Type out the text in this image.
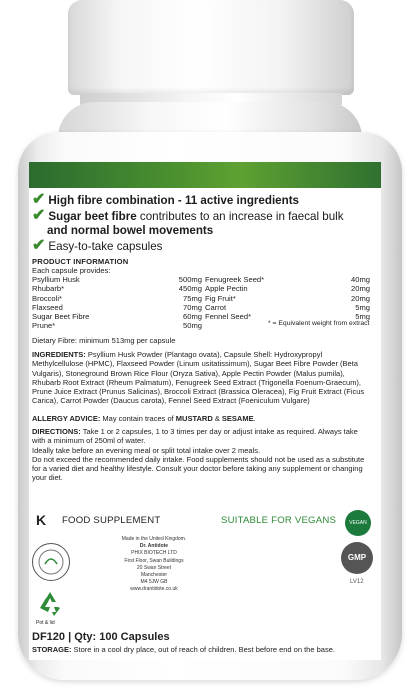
✔ High fibre combination - 11 active ingredients
✔ Sugar beet fibre contributes to an increase in faecal bulk
and normal bowel movements
✔ Easy-to-take capsules
PRODUCT INFORMATION
Each capsule provides:
Psyllium Husk	500mg	Fenugreek Seed*	40mg
Rhubarb*	450mg	Apple Pectin	20mg
Broccoli*	75mg	Fig Fruit*	20mg
Flaxseed	70mg	Carrot	5mg
Sugar Beet Fibre	60mg	Fennel Seed*	5mg
Prune*	50mg			* = Equivalent weight from extract
Dietary Fibre: minimum 513mg per capsule
INGREDIENTS: Psyllium Husk Powder (Plantago ovata), Capsule Shell: Hydroxypropyl Methylcellulose (HPMC), Flaxseed Powder (Linum usitatissimum), Sugar Beet Fibre Powder (Beta Vulgaris), Stoneground Brown Rice Flour (Oryza Sativa), Apple Pectin Powder (Malus pumila), Rhubarb Root Extract (Rheum Palmatum), Fenugreek Seed Extract (Trigonella Foenum-Graecum), Prune Juice Extract (Prunus Salicinas), Broccoli Extract (Brassica Oleracea), Fig Fruit Extract (Ficus Carica), Carrot Powder (Daucus carota), Fennel Seed Extract (Foeniculum Vulgare)
ALLERGY ADVICE: May contain traces of MUSTARD & SESAME.
DIRECTIONS: Take 1 or 2 capsules, 1 to 3 times per day or adjust intake as required. Always take with a minimum of 250ml of water.
Ideally take before an evening meal or split total intake over 2 meals.
Do not exceed the recommended daily intake. Food supplements should not be used as a substitute for a varied diet and healthy lifestyle. Consult your doctor before taking any supplement or changing your diet.
K	FOOD SUPPLEMENT	SUITABLE FOR VEGANS
Pot & lid
Made in the United Kingdom.
Dr. Antidote
PHIX BIOTECH LTD
First Floor, Swan Buildings
20 Swan Street
Manchester
M4 5JW GB
www.drantidote.co.uk
VEGAN
GMP
LV12
DF120 | Qty: 100 Capsules
STORAGE: Store in a cool dry place, out of reach of children. Best before end on the base.
